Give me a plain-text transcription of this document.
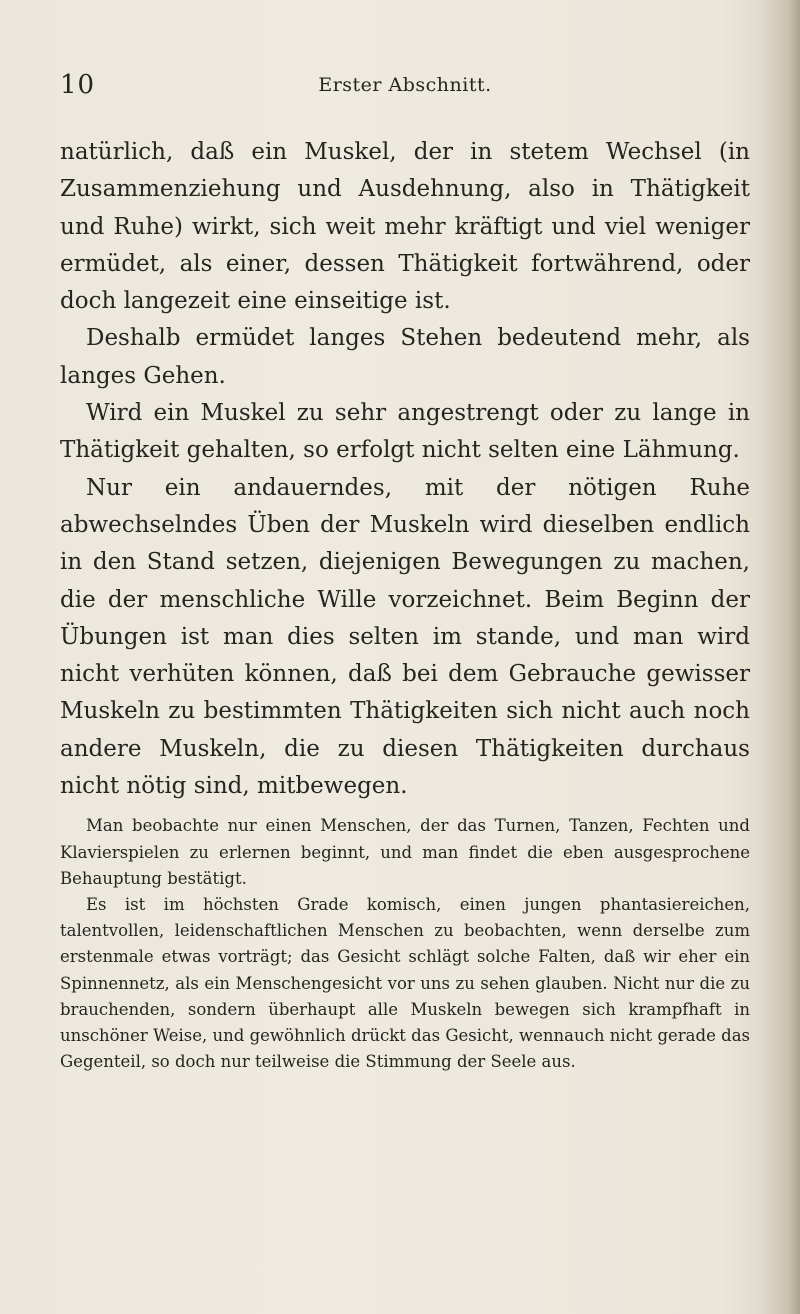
10	Erster Abschnitt.

natürlich, daß ein Muskel, der in stetem Wechsel (in Zusammenziehung und Ausdehnung, also in Thätigkeit und Ruhe) wirkt, sich weit mehr kräftigt und viel weniger ermüdet, als einer, dessen Thätigkeit fortwährend, oder doch langezeit eine einseitige ist.

Deshalb ermüdet langes Stehen bedeutend mehr, als langes Gehen.

Wird ein Muskel zu sehr angestrengt oder zu lange in Thätigkeit gehalten, so erfolgt nicht selten eine Lähmung.

Nur ein andauerndes, mit der nötigen Ruhe abwechselndes Üben der Muskeln wird dieselben endlich in den Stand setzen, diejenigen Bewegungen zu machen, die der menschliche Wille vorzeichnet. Beim Beginn der Übungen ist man dies selten im stande, und man wird nicht verhüten können, daß bei dem Gebrauche gewisser Muskeln zu bestimmten Thätigkeiten sich nicht auch noch andere Muskeln, die zu diesen Thätigkeiten durchaus nicht nötig sind, mitbewegen.

Man beobachte nur einen Menschen, der das Turnen, Tanzen, Fechten und Klavierspielen zu erlernen beginnt, und man findet die eben ausgesprochene Behauptung bestätigt.

Es ist im höchsten Grade komisch, einen jungen phantasiereichen, talentvollen, leidenschaftlichen Menschen zu beobachten, wenn derselbe zum erstenmale etwas vorträgt; das Gesicht schlägt solche Falten, daß wir eher ein Spinnennetz, als ein Menschengesicht vor uns zu sehen glauben. Nicht nur die zu brauchenden, sondern überhaupt alle Muskeln bewegen sich krampfhaft in unschöner Weise, und gewöhnlich drückt das Gesicht, wennauch nicht gerade das Gegenteil, so doch nur teilweise die Stimmung der Seele aus.
